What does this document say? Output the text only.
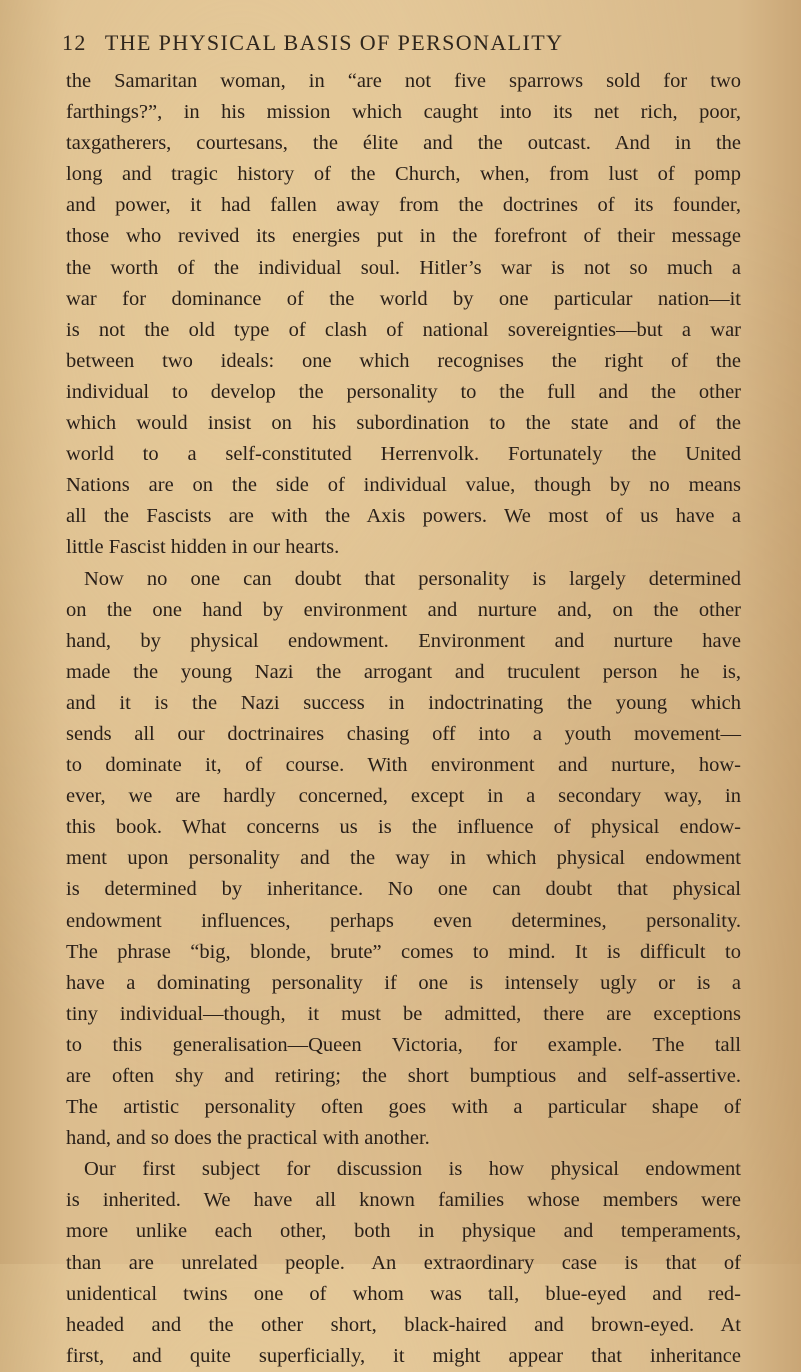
12 THE PHYSICAL BASIS OF PERSONALITY
the Samaritan woman, in “are not five sparrows sold for two
farthings?”, in his mission which caught into its net rich, poor,
taxgatherers, courtesans, the élite and the outcast. And in the
long and tragic history of the Church, when, from lust of pomp
and power, it had fallen away from the doctrines of its founder,
those who revived its energies put in the forefront of their message
the worth of the individual soul. Hitler’s war is not so much a
war for dominance of the world by one particular nation—it
is not the old type of clash of national sovereignties—but a war
between two ideals: one which recognises the right of the
individual to develop the personality to the full and the other
which would insist on his subordination to the state and of the
world to a self-constituted Herrenvolk. Fortunately the United
Nations are on the side of individual value, though by no means
all the Fascists are with the Axis powers. We most of us have a
little Fascist hidden in our hearts.
Now no one can doubt that personality is largely determined
on the one hand by environment and nurture and, on the other
hand, by physical endowment. Environment and nurture have
made the young Nazi the arrogant and truculent person he is,
and it is the Nazi success in indoctrinating the young which
sends all our doctrinaires chasing off into a youth movement—
to dominate it, of course. With environment and nurture, how-
ever, we are hardly concerned, except in a secondary way, in
this book. What concerns us is the influence of physical endow-
ment upon personality and the way in which physical endowment
is determined by inheritance. No one can doubt that physical
endowment influences, perhaps even determines, personality.
The phrase “big, blonde, brute” comes to mind. It is difficult to
have a dominating personality if one is intensely ugly or is a
tiny individual—though, it must be admitted, there are exceptions
to this generalisation—Queen Victoria, for example. The tall
are often shy and retiring; the short bumptious and self-assertive.
The artistic personality often goes with a particular shape of
hand, and so does the practical with another.
Our first subject for discussion is how physical endowment
is inherited. We have all known families whose members were
more unlike each other, both in physique and temperaments,
than are unrelated people. An extraordinary case is that of
unidentical twins one of whom was tall, blue-eyed and red-
headed and the other short, black-haired and brown-eyed. At
first, and quite superficially, it might appear that inheritance
